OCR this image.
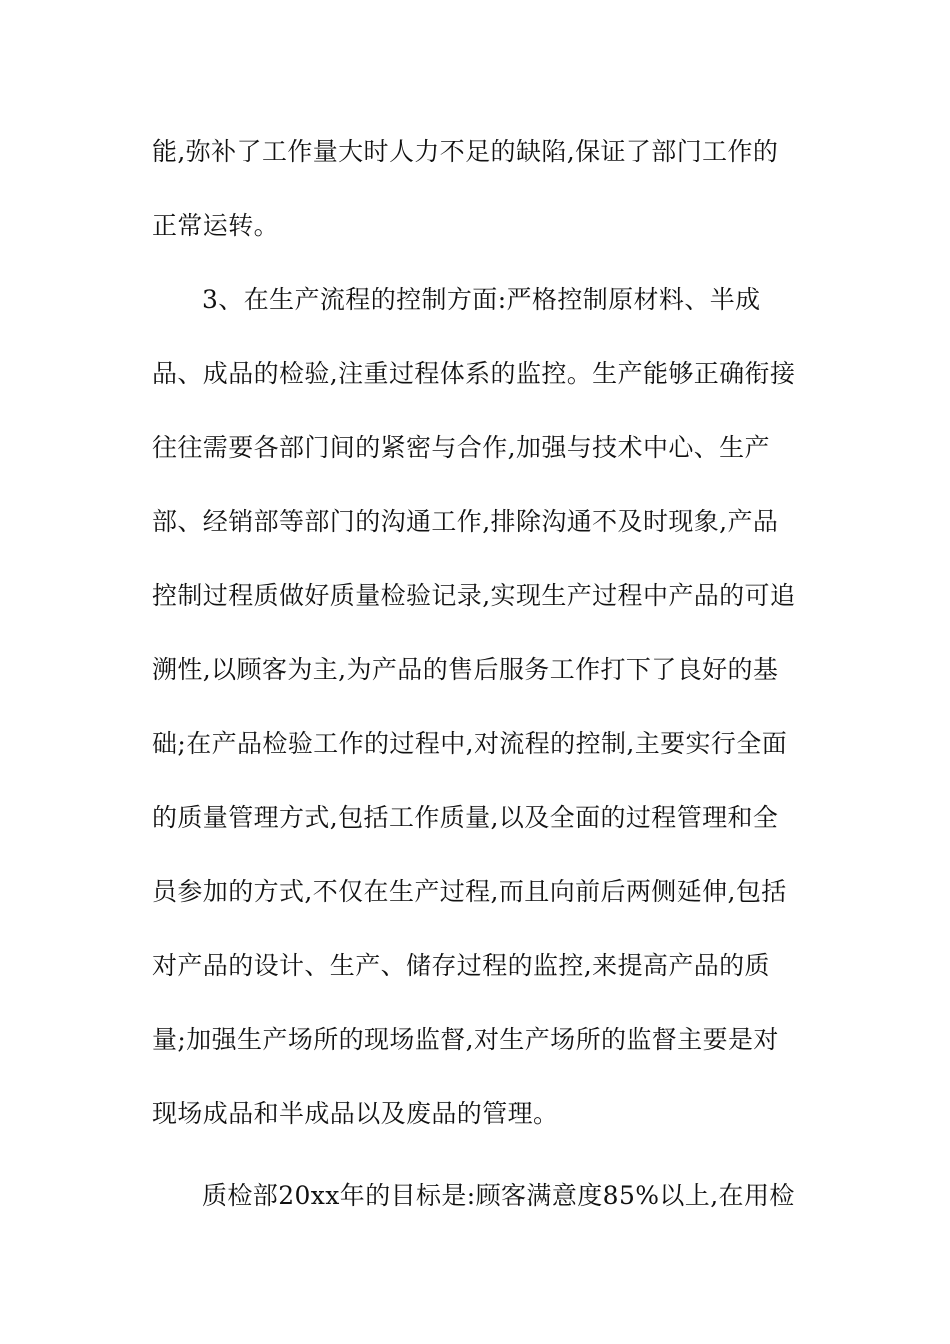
能,弥补了工作量大时人力不足的缺陷,保证了部门工作的

正常运转。

3、在生产流程的控制方面:严格控制原材料、半成

品、成品的检验,注重过程体系的监控。生产能够正确衔接

往往需要各部门间的紧密与合作,加强与技术中心、生产

部、经销部等部门的沟通工作,排除沟通不及时现象,产品

控制过程质做好质量检验记录,实现生产过程中产品的可追

溯性,以顾客为主,为产品的售后服务工作打下了良好的基

础;在产品检验工作的过程中,对流程的控制,主要实行全面

的质量管理方式,包括工作质量,以及全面的过程管理和全

员参加的方式,不仅在生产过程,而且向前后两侧延伸,包括

对产品的设计、生产、储存过程的监控,来提高产品的质

量;加强生产场所的现场监督,对生产场所的监督主要是对

现场成品和半成品以及废品的管理。

质检部20xx年的目标是:顾客满意度85%以上,在用检
